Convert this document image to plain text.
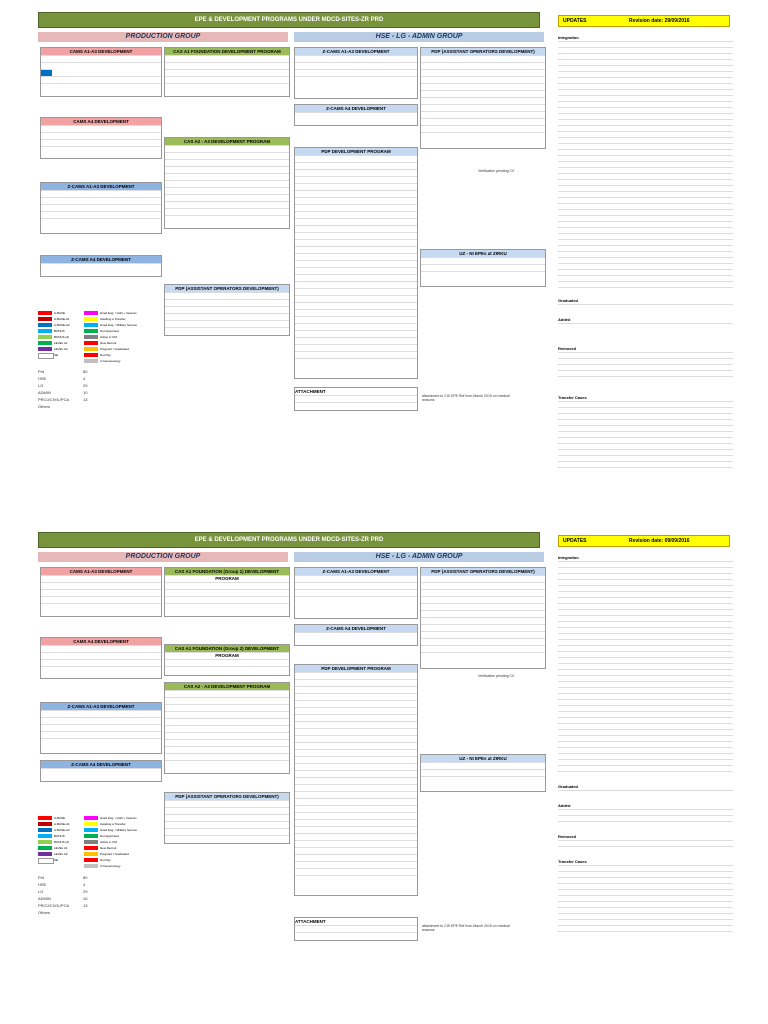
EPE & DEVELOPMENT PROGRAMS UNDER MDCD-SITES-ZR PRD	UPDATES	Revision date: 29/09/2016
PRODUCTION GROUP	HSE - LG - ADMIN GROUP
CAMS A1-A3 DEVELOPMENT	CAS A1 FOUNDATION DEVELOPMENT PROGRAM
CAMS A4 DEVELOPMENT
CAS A2 - A3 DEVELOPMENT PROGRAM
Z-CAMS A1-A3 DEVELOPMENT
Z-CAMS A4 DEVELOPMENT
PDP (ASSISTANT OPERATORS DEVELOPMENT)
A-BASE
A-BASE-A1
A-BASE-A2
BONUS
BONUS (2)
LEVEL A1
LEVEL A2
SE
Hired Eng. / HoD + Veteran
Awaiting a Transfer
Hired Eng. / Military Service
Not Appointed
Active in CM
New Recruit
Pregnant / Graduated
Not Pay
In Issue/energy
Prd	80
HSE	4
LG	29
ADMIN	10
PROJ/CIVIL/PCA	13
Others
Z-CAMS A1-A3 DEVELOPMENT
Z-CAMS A4 DEVELOPMENT
PDP DEVELOPMENT PROGRAM
PDP (ASSISTANT OPERATORS DEVELOPMENT)
Verification pending CV
UZ - NI EPEs at ZIRKU
ATTACHMENT
attachment to CIS EPE Ref from March 2015 on medical reasons
Integration
Graduated
Added
Removed
Transfer Cases
EPE & DEVELOPMENT PROGRAMS UNDER MDCD-SITES-ZR PRD	UPDATES	Revision date: 09/09/2016
PRODUCTION GROUP	HSE - LG - ADMIN GROUP
CAMS A1-A3 DEVELOPMENT	CAS A1 FOUNDATION (Group 1) DEVELOPMENT PROGRAM
CAMS A4 DEVELOPMENT
CAS A1 FOUNDATION (Group 2) DEVELOPMENT PROGRAM
CAS A2 - A3 DEVELOPMENT PROGRAM
Z-CAMS A1-A3 DEVELOPMENT
Z-CAMS A4 DEVELOPMENT
PDP (ASSISTANT OPERATORS DEVELOPMENT)
A-BASE
A-BASE-A1
A-BASE-A2
BONUS
BONUS (2)
LEVEL A1
LEVEL A2
SE
Hired Eng. / HoD + Veteran
Awaiting a Transfer
Hired Eng. / Military Service
Not Appointed
Active in CM
New Recruit
Pregnant / Graduated
Not Pay
In Issue/energy
Prd	80
HSE	4
LG	29
ADMIN	10
PROJ/CIVIL/PCA	13
Others
Z-CAMS A1-A3 DEVELOPMENT
Z-CAMS A4 DEVELOPMENT
PDP DEVELOPMENT PROGRAM
PDP (ASSISTANT OPERATORS DEVELOPMENT)
Verification pending CV
UZ - NI EPEs at ZIRKU
ATTACHMENT
attachment to CIS EPE Ref from March 2015 on medical reasons
Integration
Graduated
Added
Removed
Transfer Cases
